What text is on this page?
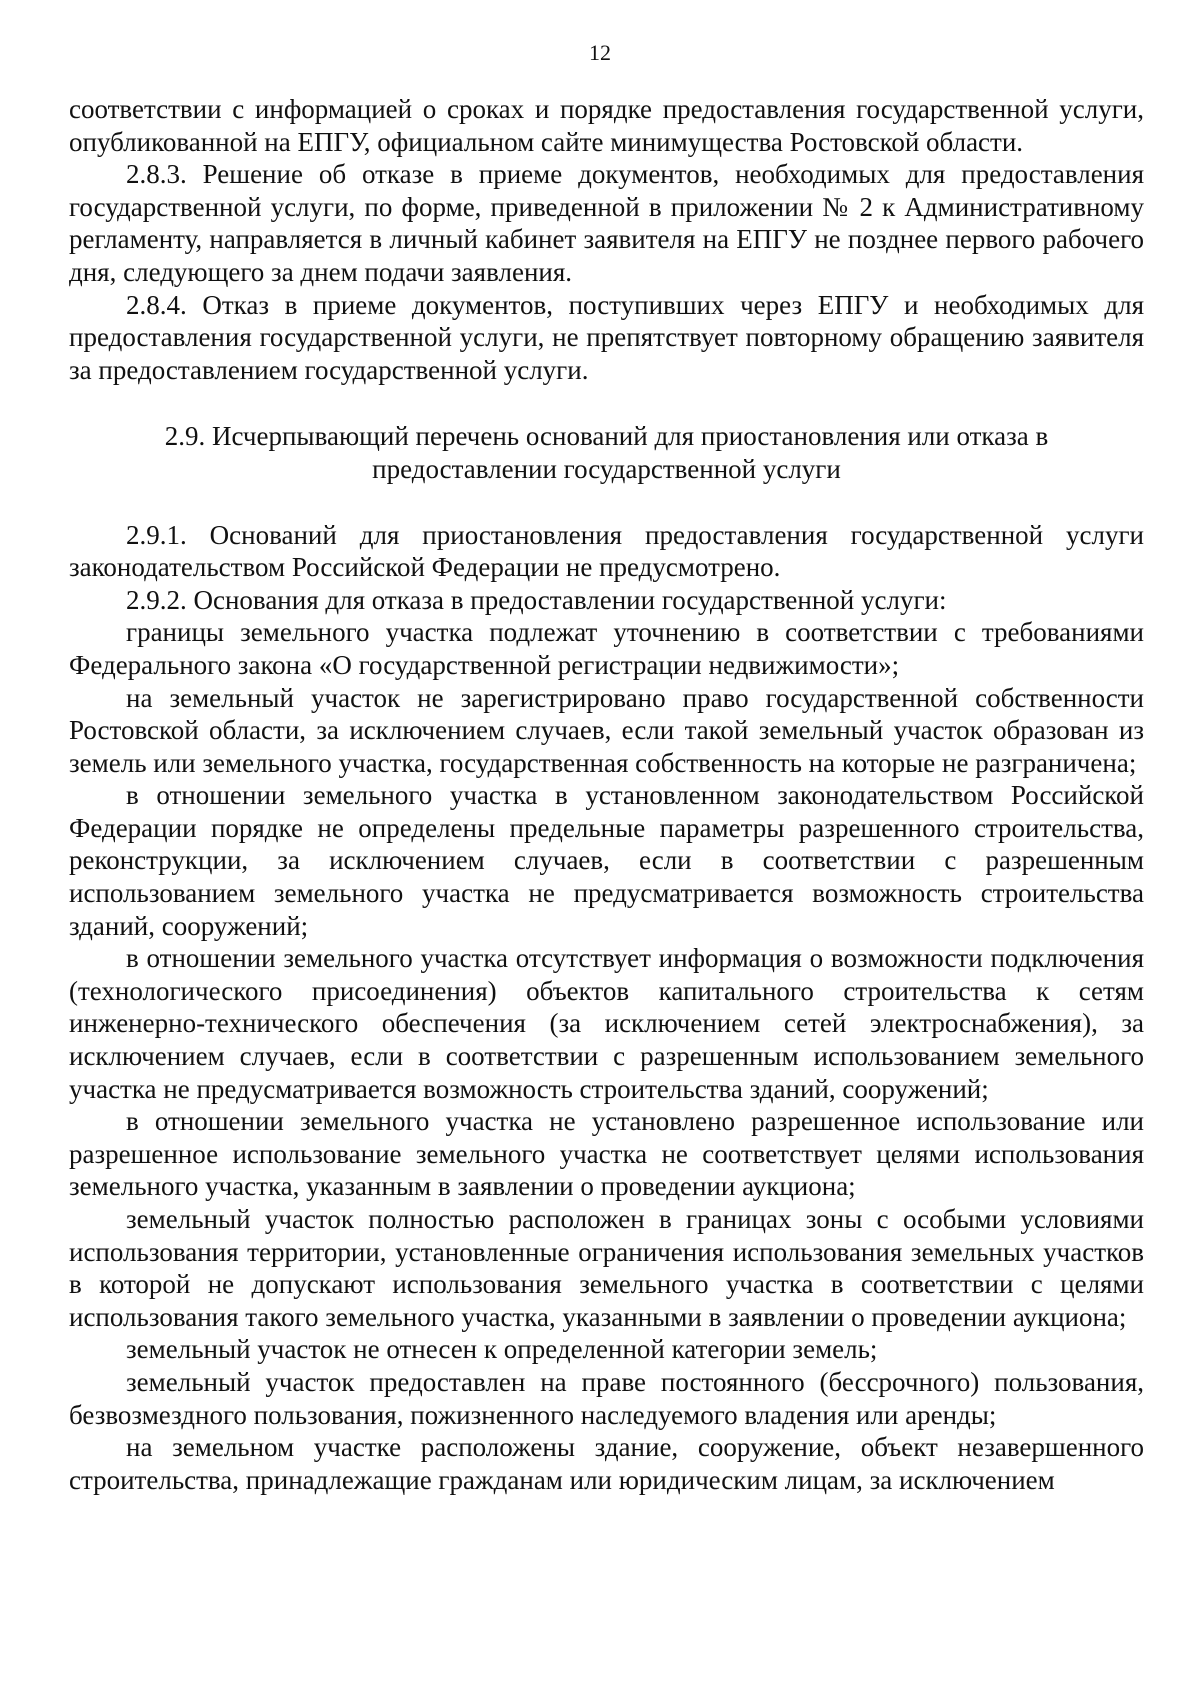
12

соответствии с информацией о сроках и порядке предоставления государственной услуги, опубликованной на ЕПГУ, официальном сайте минимущества Ростовской области.

2.8.3. Решение об отказе в приеме документов, необходимых для предоставления государственной услуги, по форме, приведенной в приложении № 2 к Административному регламенту, направляется в личный кабинет заявителя на ЕПГУ не позднее первого рабочего дня, следующего за днем подачи заявления.

2.8.4. Отказ в приеме документов, поступивших через ЕПГУ и необходимых для предоставления государственной услуги, не препятствует повторному обращению заявителя за предоставлением государственной услуги.

2.9. Исчерпывающий перечень оснований для приостановления или отказа в
предоставлении государственной услуги

2.9.1. Оснований для приостановления предоставления государственной услуги законодательством Российской Федерации не предусмотрено.

2.9.2. Основания для отказа в предоставлении государственной услуги:

границы земельного участка подлежат уточнению в соответствии с требованиями Федерального закона «О государственной регистрации недвижимости»;

на земельный участок не зарегистрировано право государственной собственности Ростовской области, за исключением случаев, если такой земельный участок образован из земель или земельного участка, государственная собственность на которые не разграничена;

в отношении земельного участка в установленном законодательством Российской Федерации порядке не определены предельные параметры разрешенного строительства, реконструкции, за исключением случаев, если в соответствии с разрешенным использованием земельного участка не предусматривается возможность строительства зданий, сооружений;

в отношении земельного участка отсутствует информация о возможности подключения (технологического присоединения) объектов капитального строительства к сетям инженерно-технического обеспечения (за исключением сетей электроснабжения), за исключением случаев, если в соответствии с разрешенным использованием земельного участка не предусматривается возможность строительства зданий, сооружений;

в отношении земельного участка не установлено разрешенное использование или разрешенное использование земельного участка не соответствует целями использования земельного участка, указанным в заявлении о проведении аукциона;

земельный участок полностью расположен в границах зоны с особыми условиями использования территории, установленные ограничения использования земельных участков в которой не допускают использования земельного участка в соответствии с целями использования такого земельного участка, указанными в заявлении о проведении аукциона;

земельный участок не отнесен к определенной категории земель;

земельный участок предоставлен на праве постоянного (бессрочного) пользования, безвозмездного пользования, пожизненного наследуемого владения или аренды;

на земельном участке расположены здание, сооружение, объект незавершенного строительства, принадлежащие гражданам или юридическим лицам, за исключением
